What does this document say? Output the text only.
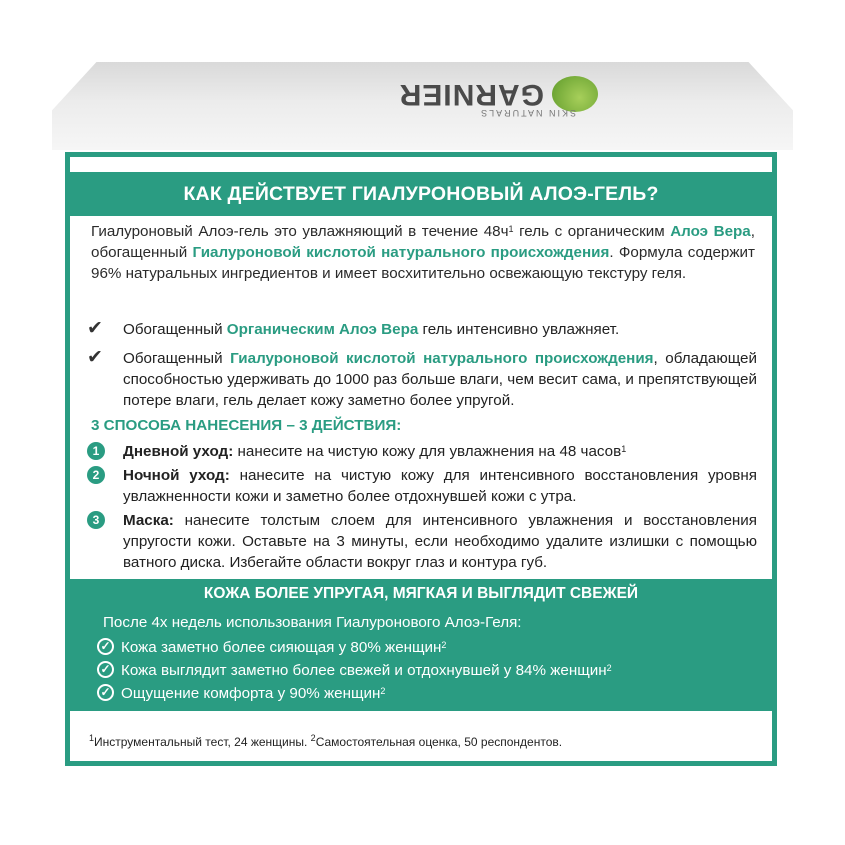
GARNIER
SKIN NATURALS
КАК ДЕЙСТВУЕТ ГИАЛУРОНОВЫЙ АЛОЭ-ГЕЛЬ?
Гиалуроновый Алоэ-гель это увлажняющий в течение $48ч^1$ гель с органическим Алоэ Вера, обогащенный Гиалуроновой кислотой натурального происхождения. Формула содержит 96% натуральных ингредиентов и имеет восхитительно освежающую текстуру геля.
✔ Обогащенный Органическим Алоэ Вера гель интенсивно увлажняет.
✔ Обогащенный Гиалуроновой кислотой натурального происхождения, обладающей способностью удерживать до 1000 раз больше влаги, чем весит сама, и препятствующей потере влаги, гель делает кожу заметно более упругой.
3 СПОСОБА НАНЕСЕНИЯ – 3 ДЕЙСТВИЯ:
1	Дневной уход: нанесите на чистую кожу для увлажнения на 48 часов$^1$
2	Ночной уход: нанесите на чистую кожу для интенсивного восстановления уровня увлажненности кожи и заметно более отдохнувшей кожи с утра.
3	Маска: нанесите толстым слоем для интенсивного увлажнения и восстановления упругости кожи. Оставьте на 3 минуты, если необходимо удалите излишки с помощью ватного диска. Избегайте области вокруг глаз и контура губ.
КОЖА БОЛЕЕ УПРУГАЯ, МЯГКАЯ И ВЫГЛЯДИТ СВЕЖЕЙ
После 4х недель использования Гиалуронового Алоэ-Геля:
✓ Кожа заметно более сияющая у 80% женщин$^2$
✓ Кожа выглядит заметно более свежей и отдохнувшей у 84% женщин$^2$
✓ Ощущение комфорта у 90% женщин$^2$
$^1$Инструментальный тест, 24 женщины. $^2$Самостоятельная оценка, 50 респондентов.
